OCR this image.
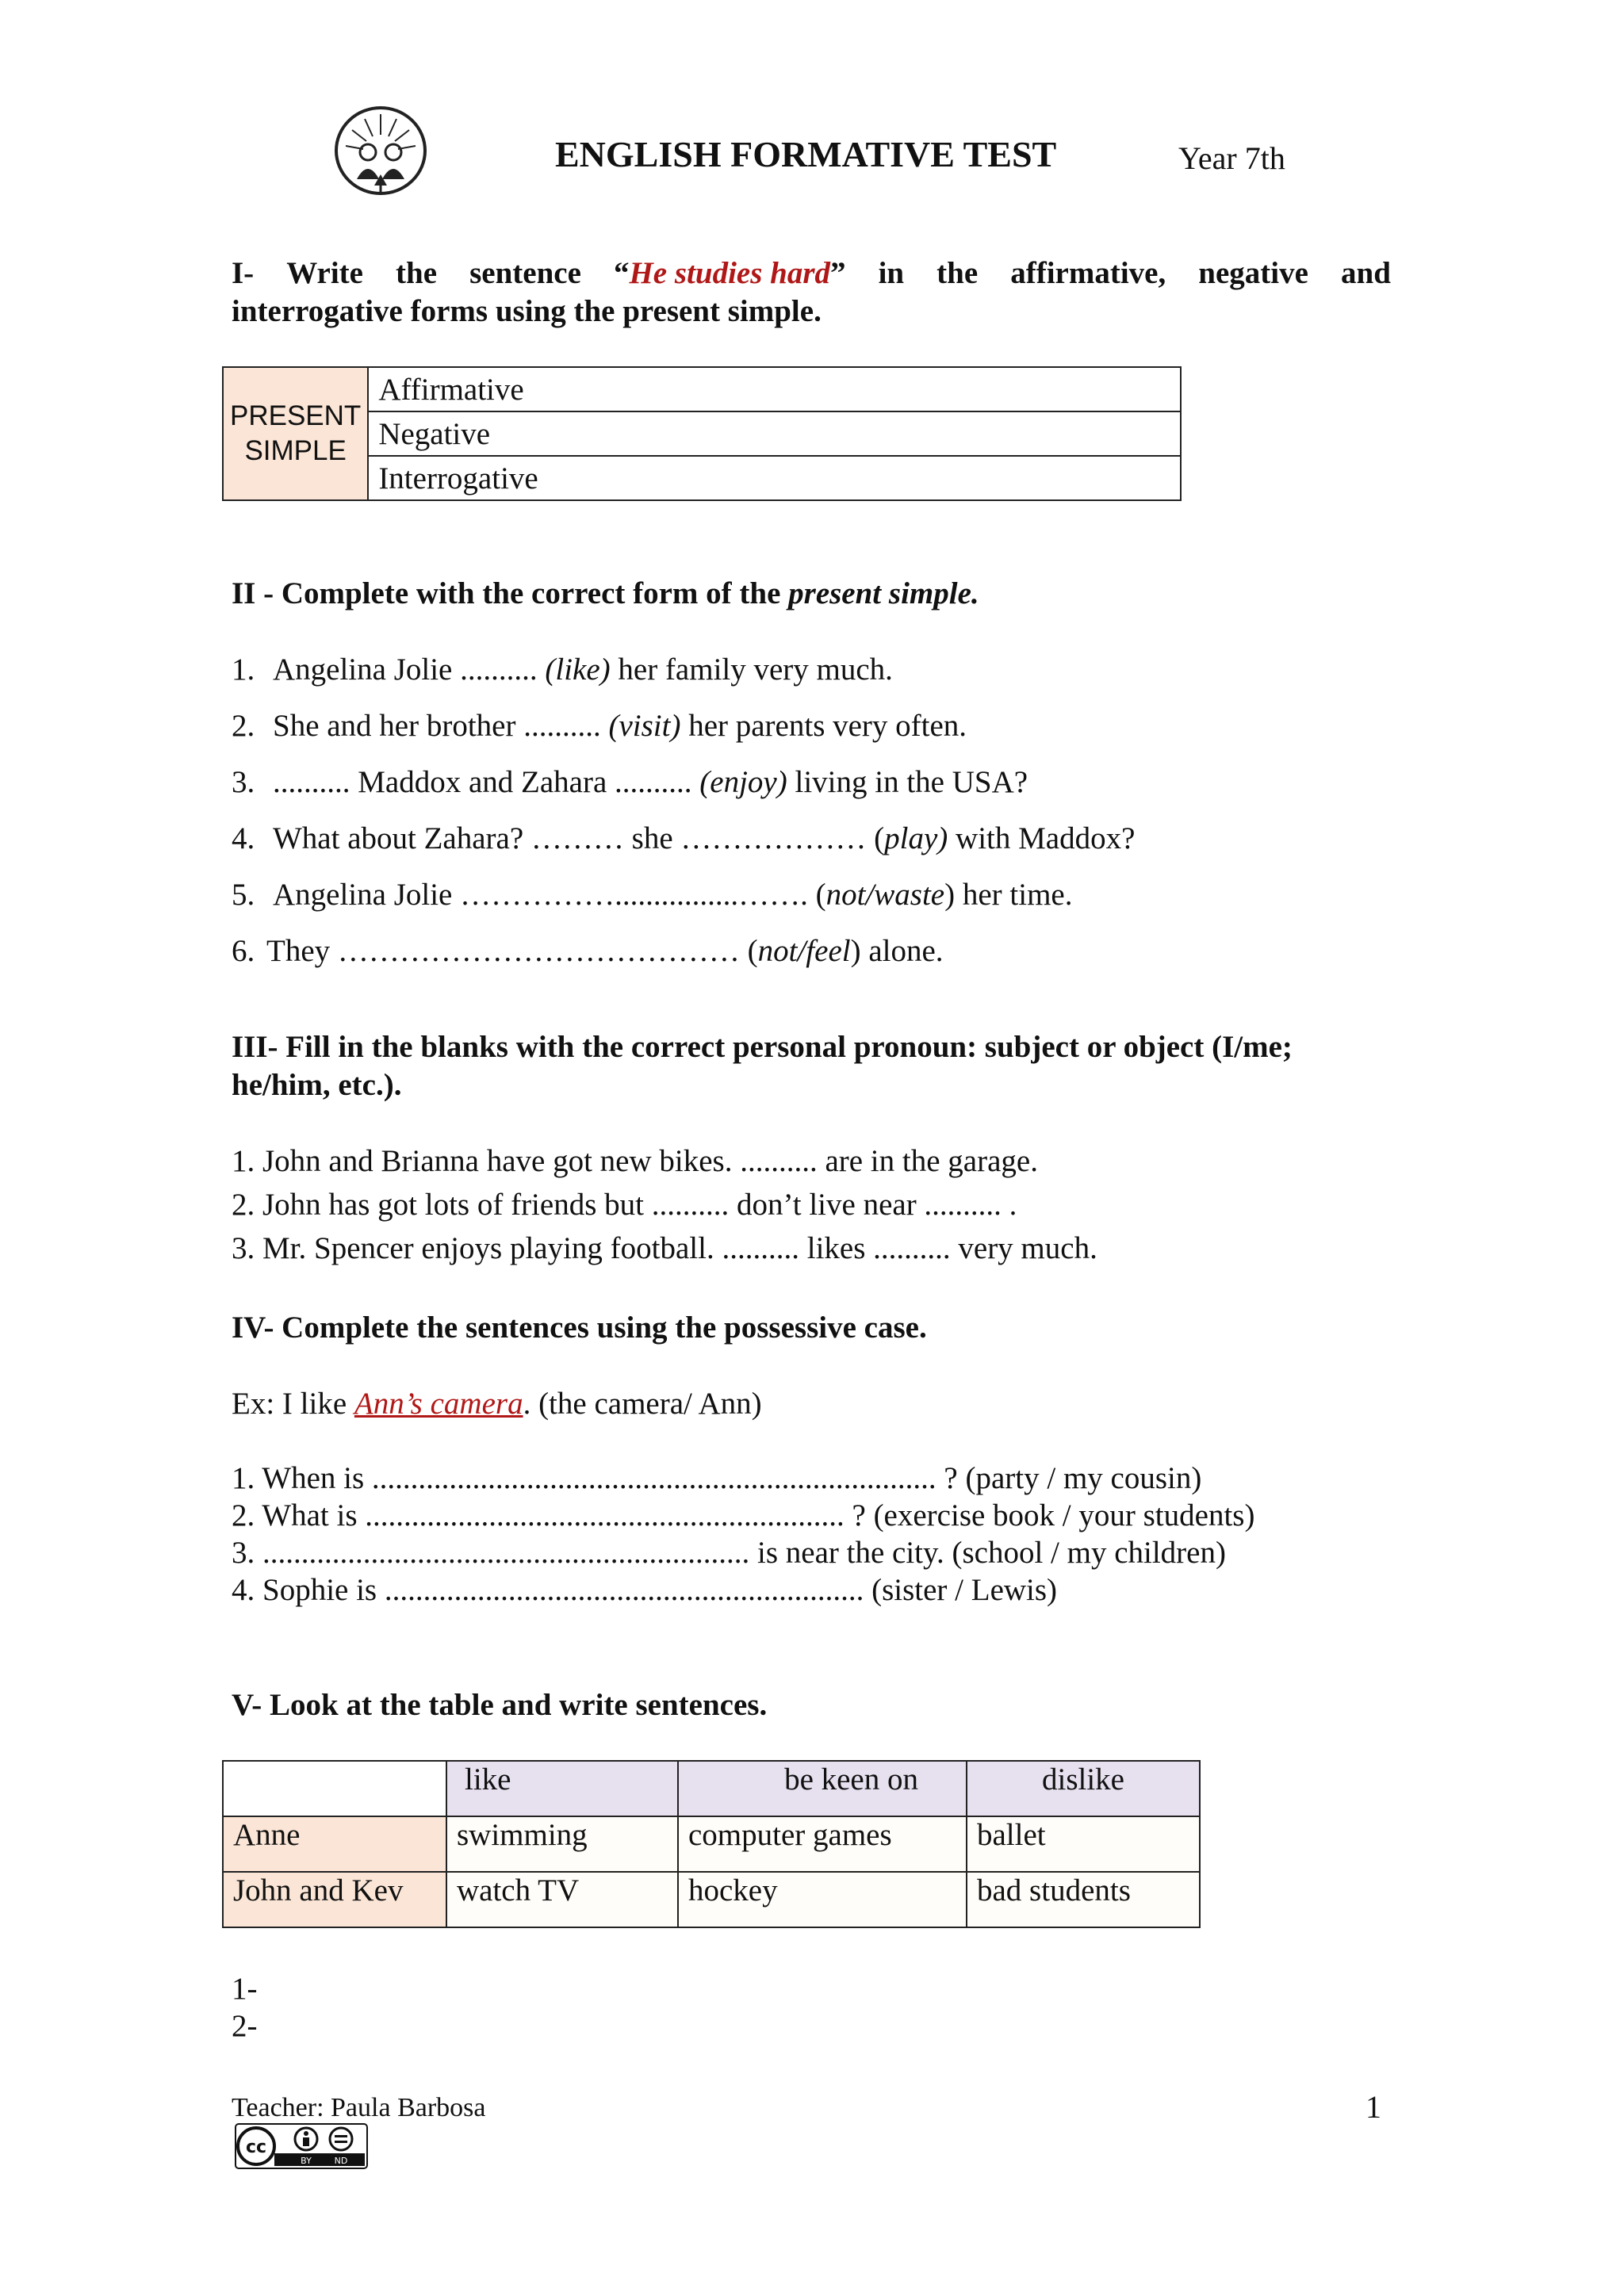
ENGLISH FORMATIVE TEST	Year 7th
I- Write the sentence “He studies hard” in the affirmative, negative and
interrogative forms using the present simple.
PRESENT
SIMPLE
	Affirmative
Negative
Interrogative
II - Complete with the correct form of the present simple.
1. Angelina Jolie .......... (like) her family very much.
2. She and her brother .......... (visit) her parents very often.
3. .......... Maddox and Zahara .......... (enjoy) living in the USA?
4. What about Zahara? ……… she ……………… (play) with Maddox?
5. Angelina Jolie ……………................……. (not/waste) her time.
6. They ………………………………… (not/feel) alone.
III- Fill in the blanks with the correct personal pronoun: subject or object (I/me;
he/him, etc.).
1. John and Brianna have got new bikes. .......... are in the garage.
2. John has got lots of friends but .......... don’t live near .......... .
3. Mr. Spencer enjoys playing football. .......... likes .......... very much.
IV- Complete the sentences using the possessive case.
Ex: I like Ann’s camera. (the camera/ Ann)
1. When is ......................................................................... ? (party / my cousin)
2. What is .............................................................. ? (exercise book / your students)
3. ............................................................... is near the city. (school / my children)
4. Sophie is .............................................................. (sister / Lewis)
V- Look at the table and write sentences.
	like	be keen on	dislike
Anne	swimming	computer games	ballet
John and Kev	watch TV	hockey	bad students
1-
2-
Teacher: Paula Barbosa	1
cc
BY	ND
